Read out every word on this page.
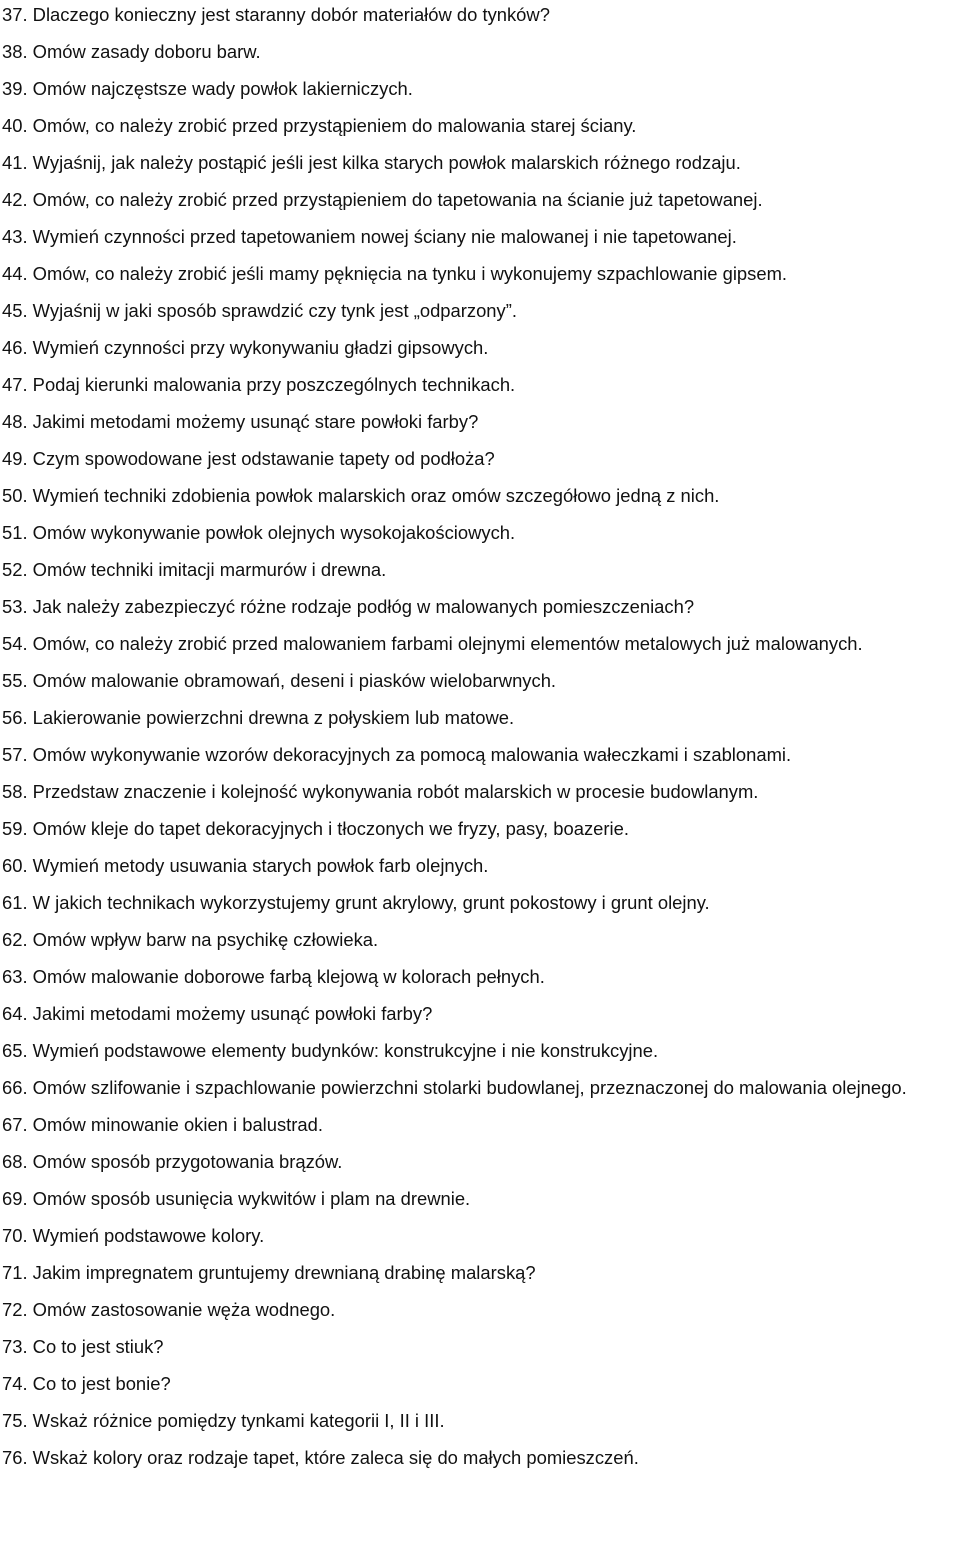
37. Dlaczego konieczny jest staranny dobór materiałów do tynków?
38. Omów zasady doboru barw.
39. Omów najczęstsze wady powłok lakierniczych.
40. Omów, co należy zrobić przed przystąpieniem do malowania starej ściany.
41. Wyjaśnij, jak należy postąpić jeśli jest kilka starych powłok malarskich różnego rodzaju.
42. Omów, co należy zrobić przed przystąpieniem do tapetowania na ścianie już tapetowanej.
43. Wymień czynności przed tapetowaniem nowej ściany nie malowanej i nie tapetowanej.
44. Omów, co należy zrobić jeśli mamy pęknięcia na tynku i wykonujemy szpachlowanie gipsem.
45. Wyjaśnij w jaki sposób sprawdzić czy tynk jest „odparzony”.
46. Wymień czynności przy wykonywaniu gładzi gipsowych.
47. Podaj kierunki malowania przy poszczególnych technikach.
48. Jakimi metodami możemy usunąć stare powłoki farby?
49. Czym spowodowane jest odstawanie tapety od podłoża?
50. Wymień techniki zdobienia powłok malarskich oraz omów szczegółowo jedną z nich.
51. Omów wykonywanie powłok olejnych wysokojakościowych.
52. Omów techniki imitacji marmurów i drewna.
53. Jak należy zabezpieczyć różne rodzaje podłóg w malowanych pomieszczeniach?
54. Omów, co należy zrobić przed malowaniem farbami olejnymi elementów metalowych już malowanych.
55. Omów malowanie obramowań, deseni i piasków wielobarwnych.
56. Lakierowanie powierzchni drewna z połyskiem lub matowe.
57. Omów wykonywanie wzorów dekoracyjnych za pomocą malowania wałeczkami i szablonami.
58. Przedstaw znaczenie i kolejność wykonywania robót malarskich w procesie budowlanym.
59. Omów kleje do tapet dekoracyjnych i tłoczonych we fryzy, pasy, boazerie.
60. Wymień metody usuwania starych powłok farb olejnych.
61. W jakich technikach wykorzystujemy grunt akrylowy, grunt pokostowy i grunt olejny.
62. Omów wpływ barw na psychikę człowieka.
63. Omów malowanie doborowe farbą klejową w kolorach pełnych.
64. Jakimi metodami możemy usunąć powłoki farby?
65. Wymień podstawowe elementy budynków: konstrukcyjne i nie konstrukcyjne.
66. Omów szlifowanie i szpachlowanie powierzchni stolarki budowlanej, przeznaczonej do malowania olejnego.
67. Omów minowanie okien i balustrad.
68. Omów sposób przygotowania brązów.
69. Omów sposób usunięcia wykwitów i plam na drewnie.
70. Wymień podstawowe kolory.
71. Jakim impregnatem gruntujemy drewnianą drabinę malarską?
72. Omów zastosowanie węża wodnego.
73. Co to jest stiuk?
74. Co to jest bonie?
75. Wskaż różnice pomiędzy tynkami kategorii I, II i III.
76. Wskaż kolory oraz rodzaje tapet, które zaleca się do małych pomieszczeń.
